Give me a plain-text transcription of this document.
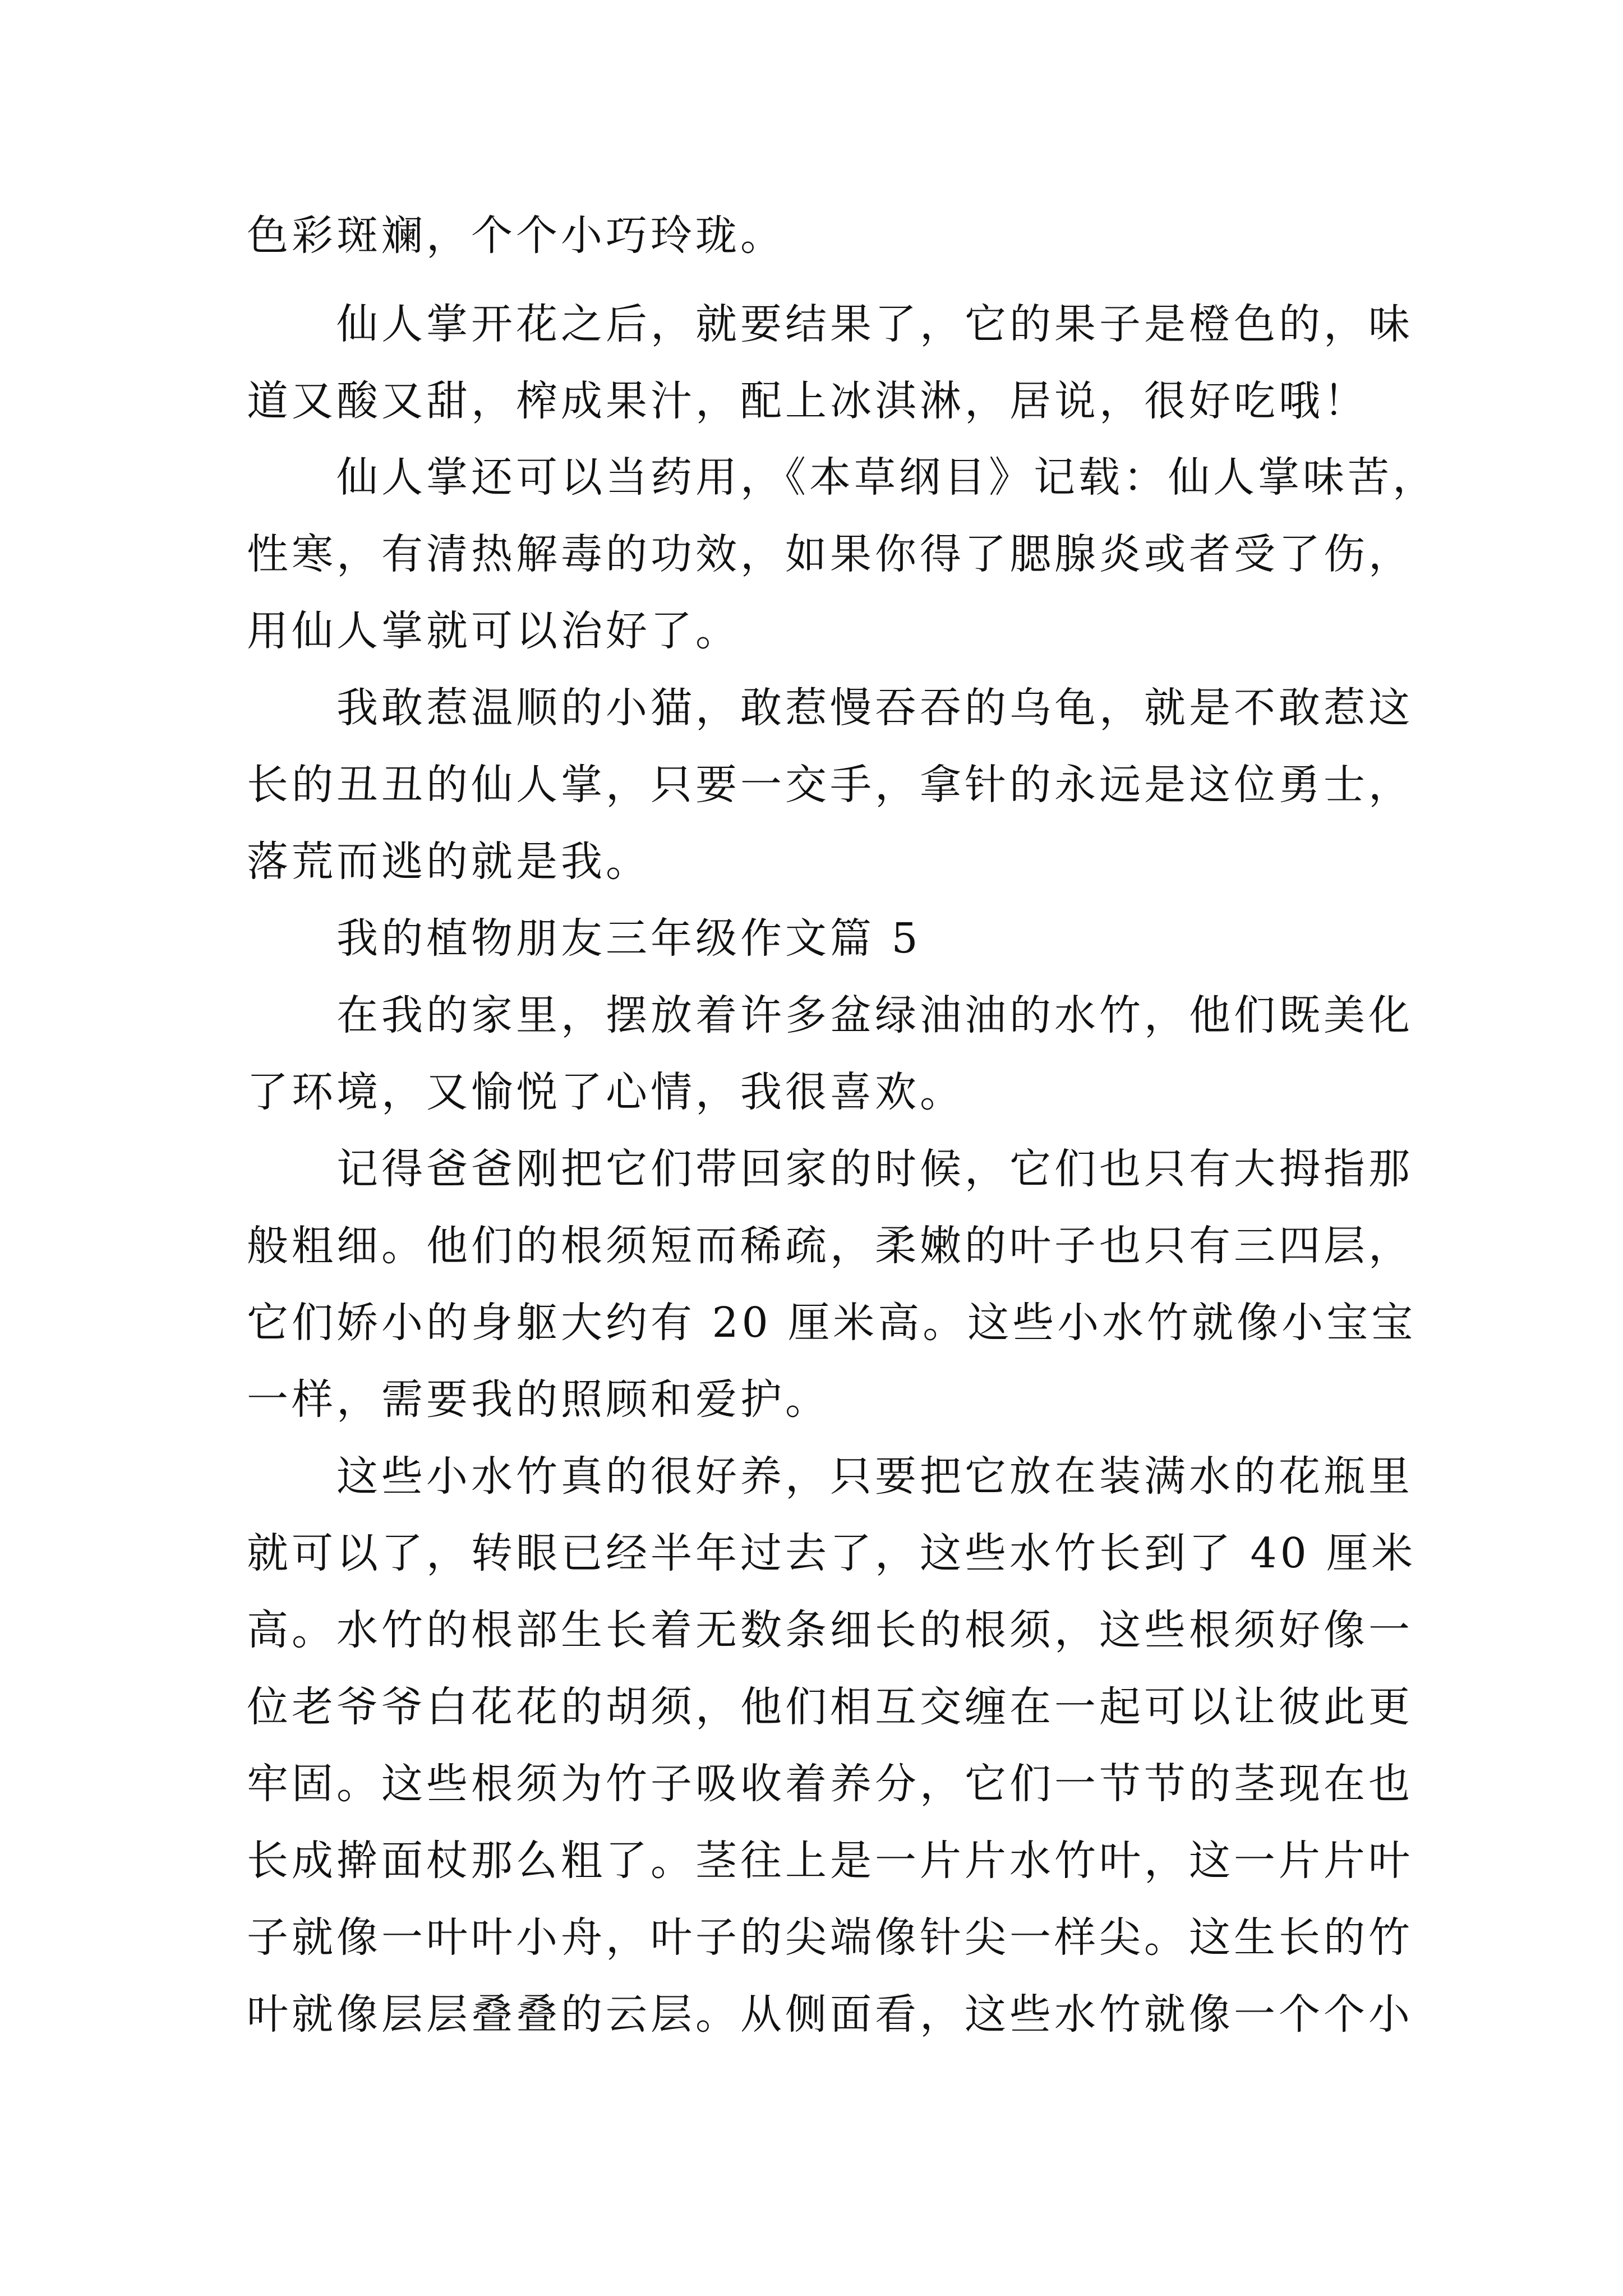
色彩斑斓，个个小巧玲珑。
仙人掌开花之后，就要结果了，它的果子是橙色的，味
道又酸又甜，榨成果汁，配上冰淇淋，居说，很好吃哦！
仙人掌还可以当药用，《本草纲目》记载：仙人掌味苦，
性寒，有清热解毒的功效，如果你得了腮腺炎或者受了伤，
用仙人掌就可以治好了。
我敢惹温顺的小猫，敢惹慢吞吞的乌龟，就是不敢惹这
长的丑丑的仙人掌，只要一交手，拿针的永远是这位勇士，
落荒而逃的就是我。
我的植物朋友三年级作文篇 5
在我的家里，摆放着许多盆绿油油的水竹，他们既美化
了环境，又愉悦了心情，我很喜欢。
记得爸爸刚把它们带回家的时候，它们也只有大拇指那
般粗细。他们的根须短而稀疏，柔嫩的叶子也只有三四层，
它们娇小的身躯大约有 20 厘米高。这些小水竹就像小宝宝
一样，需要我的照顾和爱护。
这些小水竹真的很好养，只要把它放在装满水的花瓶里
就可以了，转眼已经半年过去了，这些水竹长到了 40 厘米
高。水竹的根部生长着无数条细长的根须，这些根须好像一
位老爷爷白花花的胡须，他们相互交缠在一起可以让彼此更
牢固。这些根须为竹子吸收着养分，它们一节节的茎现在也
长成擀面杖那么粗了。茎往上是一片片水竹叶，这一片片叶
子就像一叶叶小舟，叶子的尖端像针尖一样尖。这生长的竹
叶就像层层叠叠的云层。从侧面看，这些水竹就像一个个小
